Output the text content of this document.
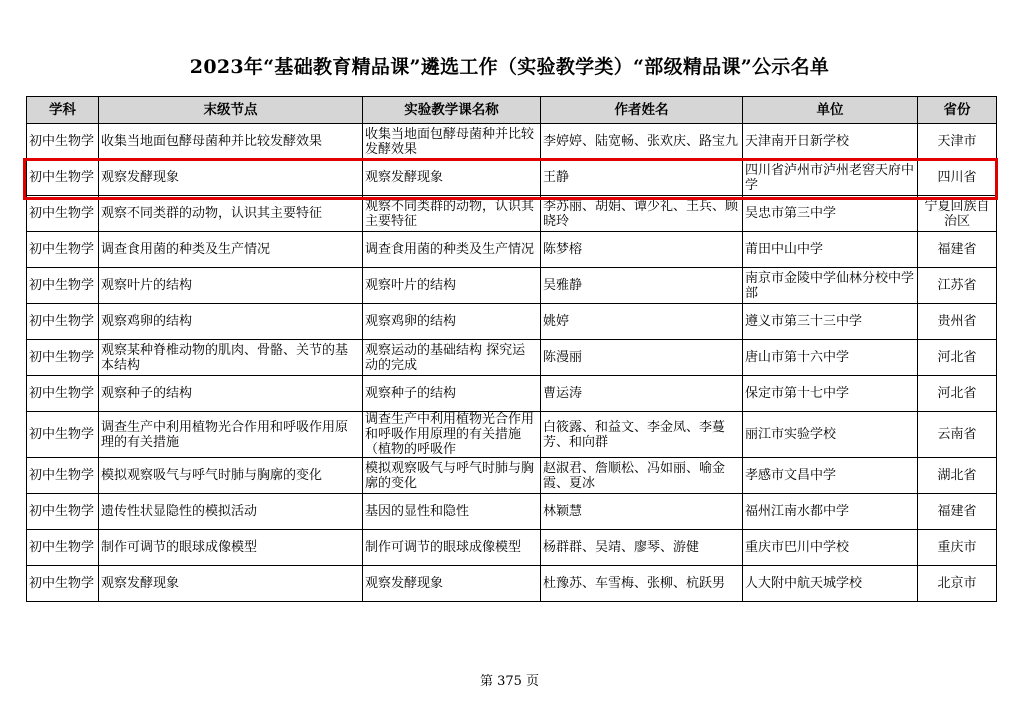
2023年“基础教育精品课”遴选工作（实验教学类）“部级精品课”公示名单
学科	末级节点	实验教学课名称	作者姓名	单位	省份
初中生物学	收集当地面包酵母菌种并比较发酵效果	收集当地面包酵母菌种并比较发酵效果	李婷婷、陆宽畅、张欢庆、路宝九	天津南开日新学校	天津市
初中生物学	观察发酵现象	观察发酵现象	王静	四川省泸州市泸州老窖天府中学	四川省
初中生物学	观察不同类群的动物，认识其主要特征	观察不同类群的动物，认识其主要特征	李苏丽、胡娟、谭少礼、王兵、顾晓玲	吴忠市第三中学	宁夏回族自治区
初中生物学	调查食用菌的种类及生产情况	调查食用菌的种类及生产情况	陈梦榕	莆田中山中学	福建省
初中生物学	观察叶片的结构	观察叶片的结构	吴雅静	南京市金陵中学仙林分校中学部	江苏省
初中生物学	观察鸡卵的结构	观察鸡卵的结构	姚婷	遵义市第三十三中学	贵州省
初中生物学	观察某种脊椎动物的肌肉、骨骼、关节的基本结构	观察运动的基础结构 探究运动的完成	陈漫丽	唐山市第十六中学	河北省
初中生物学	观察种子的结构	观察种子的结构	曹运涛	保定市第十七中学	河北省
初中生物学	调查生产中利用植物光合作用和呼吸作用原理的有关措施	调查生产中利用植物光合作用和呼吸作用原理的有关措施（植物的呼吸作	白筱露、和益文、李金凤、李蔓芳、和向群	丽江市实验学校	云南省
初中生物学	模拟观察吸气与呼气时肺与胸廓的变化	模拟观察吸气与呼气时肺与胸廓的变化	赵淑君、詹顺松、冯如丽、喻金霞、夏冰	孝感市文昌中学	湖北省
初中生物学	遗传性状显隐性的模拟活动	基因的显性和隐性	林颖慧	福州江南水都中学	福建省
初中生物学	制作可调节的眼球成像模型	制作可调节的眼球成像模型	杨群群、吴靖、廖琴、游健	重庆市巴川中学校	重庆市
初中生物学	观察发酵现象	观察发酵现象	杜豫苏、车雪梅、张柳、杭跃男	人大附中航天城学校	北京市
第 375 页
